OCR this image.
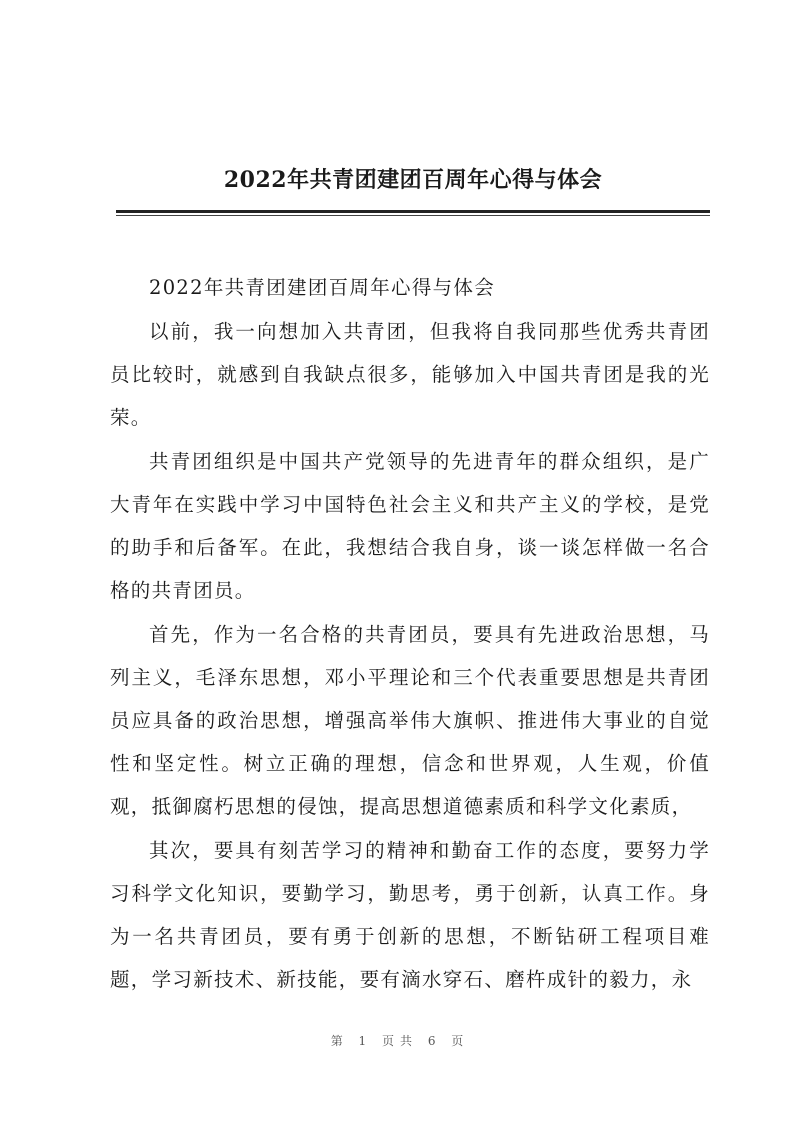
2022年共青团建团百周年心得与体会

2022年共青团建团百周年心得与体会

以前，我一向想加入共青团，但我将自我同那些优秀共青团员比较时，就感到自我缺点很多，能够加入中国共青团是我的光荣。

共青团组织是中国共产党领导的先进青年的群众组织，是广大青年在实践中学习中国特色社会主义和共产主义的学校，是党的助手和后备军。在此，我想结合我自身，谈一谈怎样做一名合格的共青团员。

首先，作为一名合格的共青团员，要具有先进政治思想，马列主义，毛泽东思想，邓小平理论和三个代表重要思想是共青团员应具备的政治思想，增强高举伟大旗帜、推进伟大事业的自觉性和坚定性。树立正确的理想，信念和世界观，人生观，价值观，抵御腐朽思想的侵蚀，提高思想道德素质和科学文化素质，

其次，要具有刻苦学习的精神和勤奋工作的态度，要努力学习科学文化知识，要勤学习，勤思考，勇于创新，认真工作。身为一名共青团员，要有勇于创新的思想，不断钻研工程项目难题，学习新技术、新技能，要有滴水穿石、磨杵成针的毅力，永

第 1 页共 6 页
